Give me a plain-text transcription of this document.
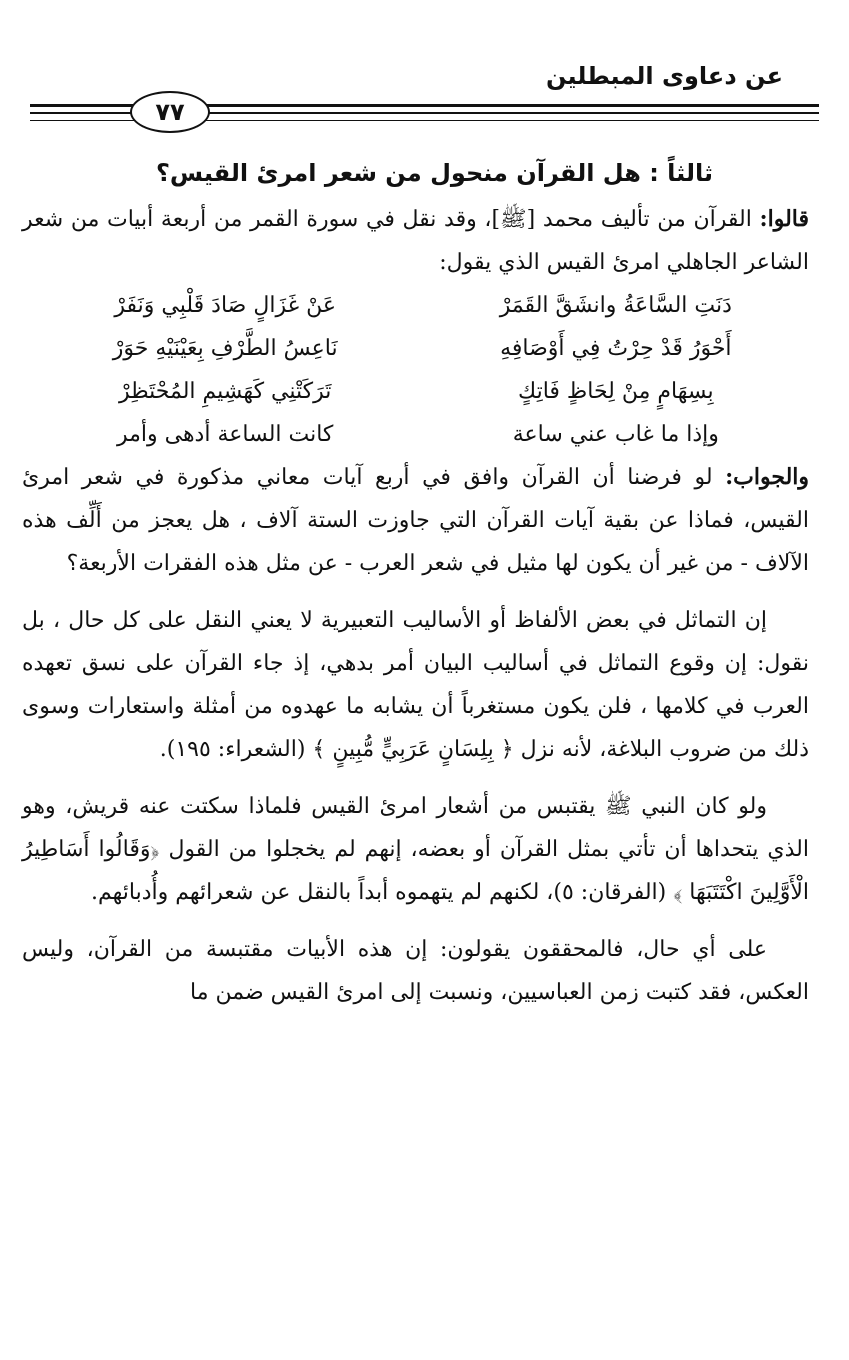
عن دعاوى المبطلين
٧٧
ثالثاً : هل القرآن منحول من شعر امرئ القيس؟

قالوا: القرآن من تأليف محمد [ﷺ]، وقد نقل في سورة القمر من أربعة أبيات من شعر الشاعر الجاهلي امرئ القيس الذي يقول:

دَنَتِ السَّاعَةُ وانشَقَّ القَمَرْ
عَنْ غَزَالٍ صَادَ قَلْبِي وَنَفَرْ
أَحْوَرُ قَدْ حِرْتُ فِي أَوْصَافِهِ
نَاعِسُ الطَّرْفِ بِعَيْنَيْهِ حَوَرْ
بِسِهَامٍ مِنْ لِحَاظٍ فَاتِكٍ
تَرَكَتْنِي كَهَشِيمِ المُحْتَظِرْ
وإذا ما غاب عني ساعة
كانت الساعة أدهى وأمر

والجواب: لو فرضنا أن القرآن وافق في أربع آيات معاني مذكورة في شعر امرئ القيس، فماذا عن بقية آيات القرآن التي جاوزت الستة آلاف ، هل يعجز من أَلِّف هذه الآلاف - من غير أن يكون لها مثيل في شعر العرب - عن مثل هذه الفقرات الأربعة؟

إن التماثل في بعض الألفاظ أو الأساليب التعبيرية لا يعني النقل على كل حال ، بل نقول: إن وقوع التماثل في أساليب البيان أمر بدهي، إذ جاء القرآن على نسق تعهده العرب في كلامها ، فلن يكون مستغرباً أن يشابه ما عهدوه من أمثلة واستعارات وسوى ذلك من ضروب البلاغة، لأنه نزل ﴿ بِلِسَانٍ عَرَبِيٍّ مُّبِينٍ ﴾ (الشعراء: ١٩٥).

ولو كان النبي ﷺ يقتبس من أشعار امرئ القيس فلماذا سكتت عنه قريش، وهو الذي يتحداها أن تأتي بمثل القرآن أو بعضه، إنهم لم يخجلوا من القول ﴿وَقَالُوا أَسَاطِيرُ الْأَوَّلِينَ اكْتَتَبَهَا ﴾ (الفرقان: ٥)، لكنهم لم يتهموه أبداً بالنقل عن شعرائهم وأُدبائهم.

على أي حال، فالمحققون يقولون: إن هذه الأبيات مقتبسة من القرآن، وليس العكس، فقد كتبت زمن العباسيين، ونسبت إلى امرئ القيس ضمن ما
